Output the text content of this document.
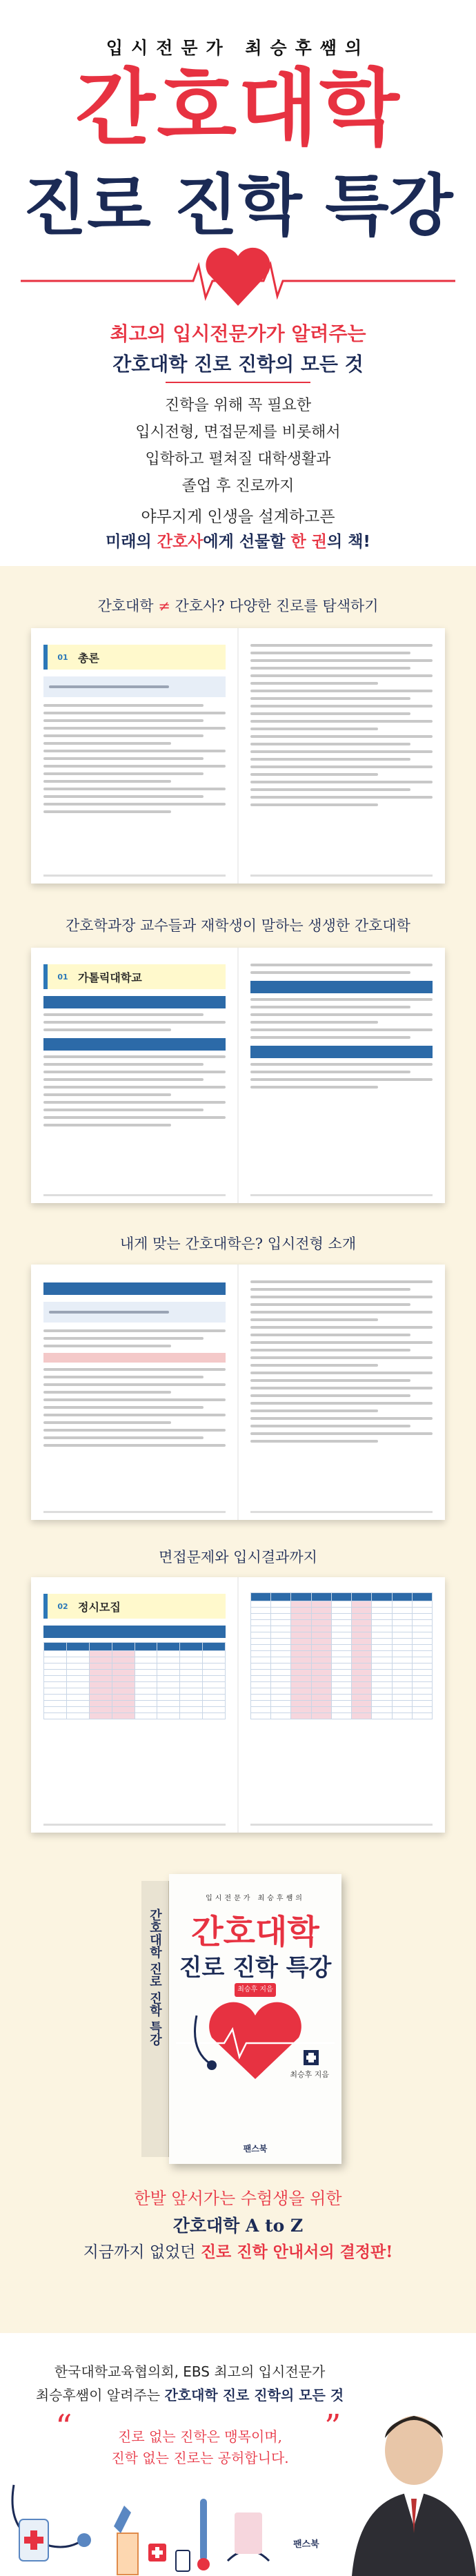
입시전문가 최승후쌤의
간호대학
진로 진학 특강
최고의 입시전문가가 알려주는
간호대학 진로 진학의 모든 것
진학을 위해 꼭 필요한
입시전형, 면접문제를 비롯해서
입학하고 펼쳐질 대학생활과
졸업 후 진로까지
야무지게 인생을 설계하고픈
미래의 간호사에게 선물할 한 권의 책!
간호대학 ≠ 간호사? 다양한 진로를 탐색하기
01 총론
간호학과장 교수들과 재학생이 말하는 생생한 간호대학
01 가톨릭대학교
내게 맞는 간호대학은? 입시전형 소개
면접문제와 입시결과까지
02 정시모집

간호대학 진로 진학 특강
입시전문가 최승후쌤의
간호대학
진로 진학 특강
최승후 지음
최승후 지음
팬스북
한발 앞서가는 수험생을 위한
간호대학 A to Z
지금까지 없었던 진로 진학 안내서의 결정판!
한국대학교육협의회, EBS 최고의 입시전문가
최승후쌤이 알려주는 간호대학 진로 진학의 모든 것
“	진로 없는 진학은 맹목이며,
진학 없는 진로는 공허합니다.
”
팬스북
